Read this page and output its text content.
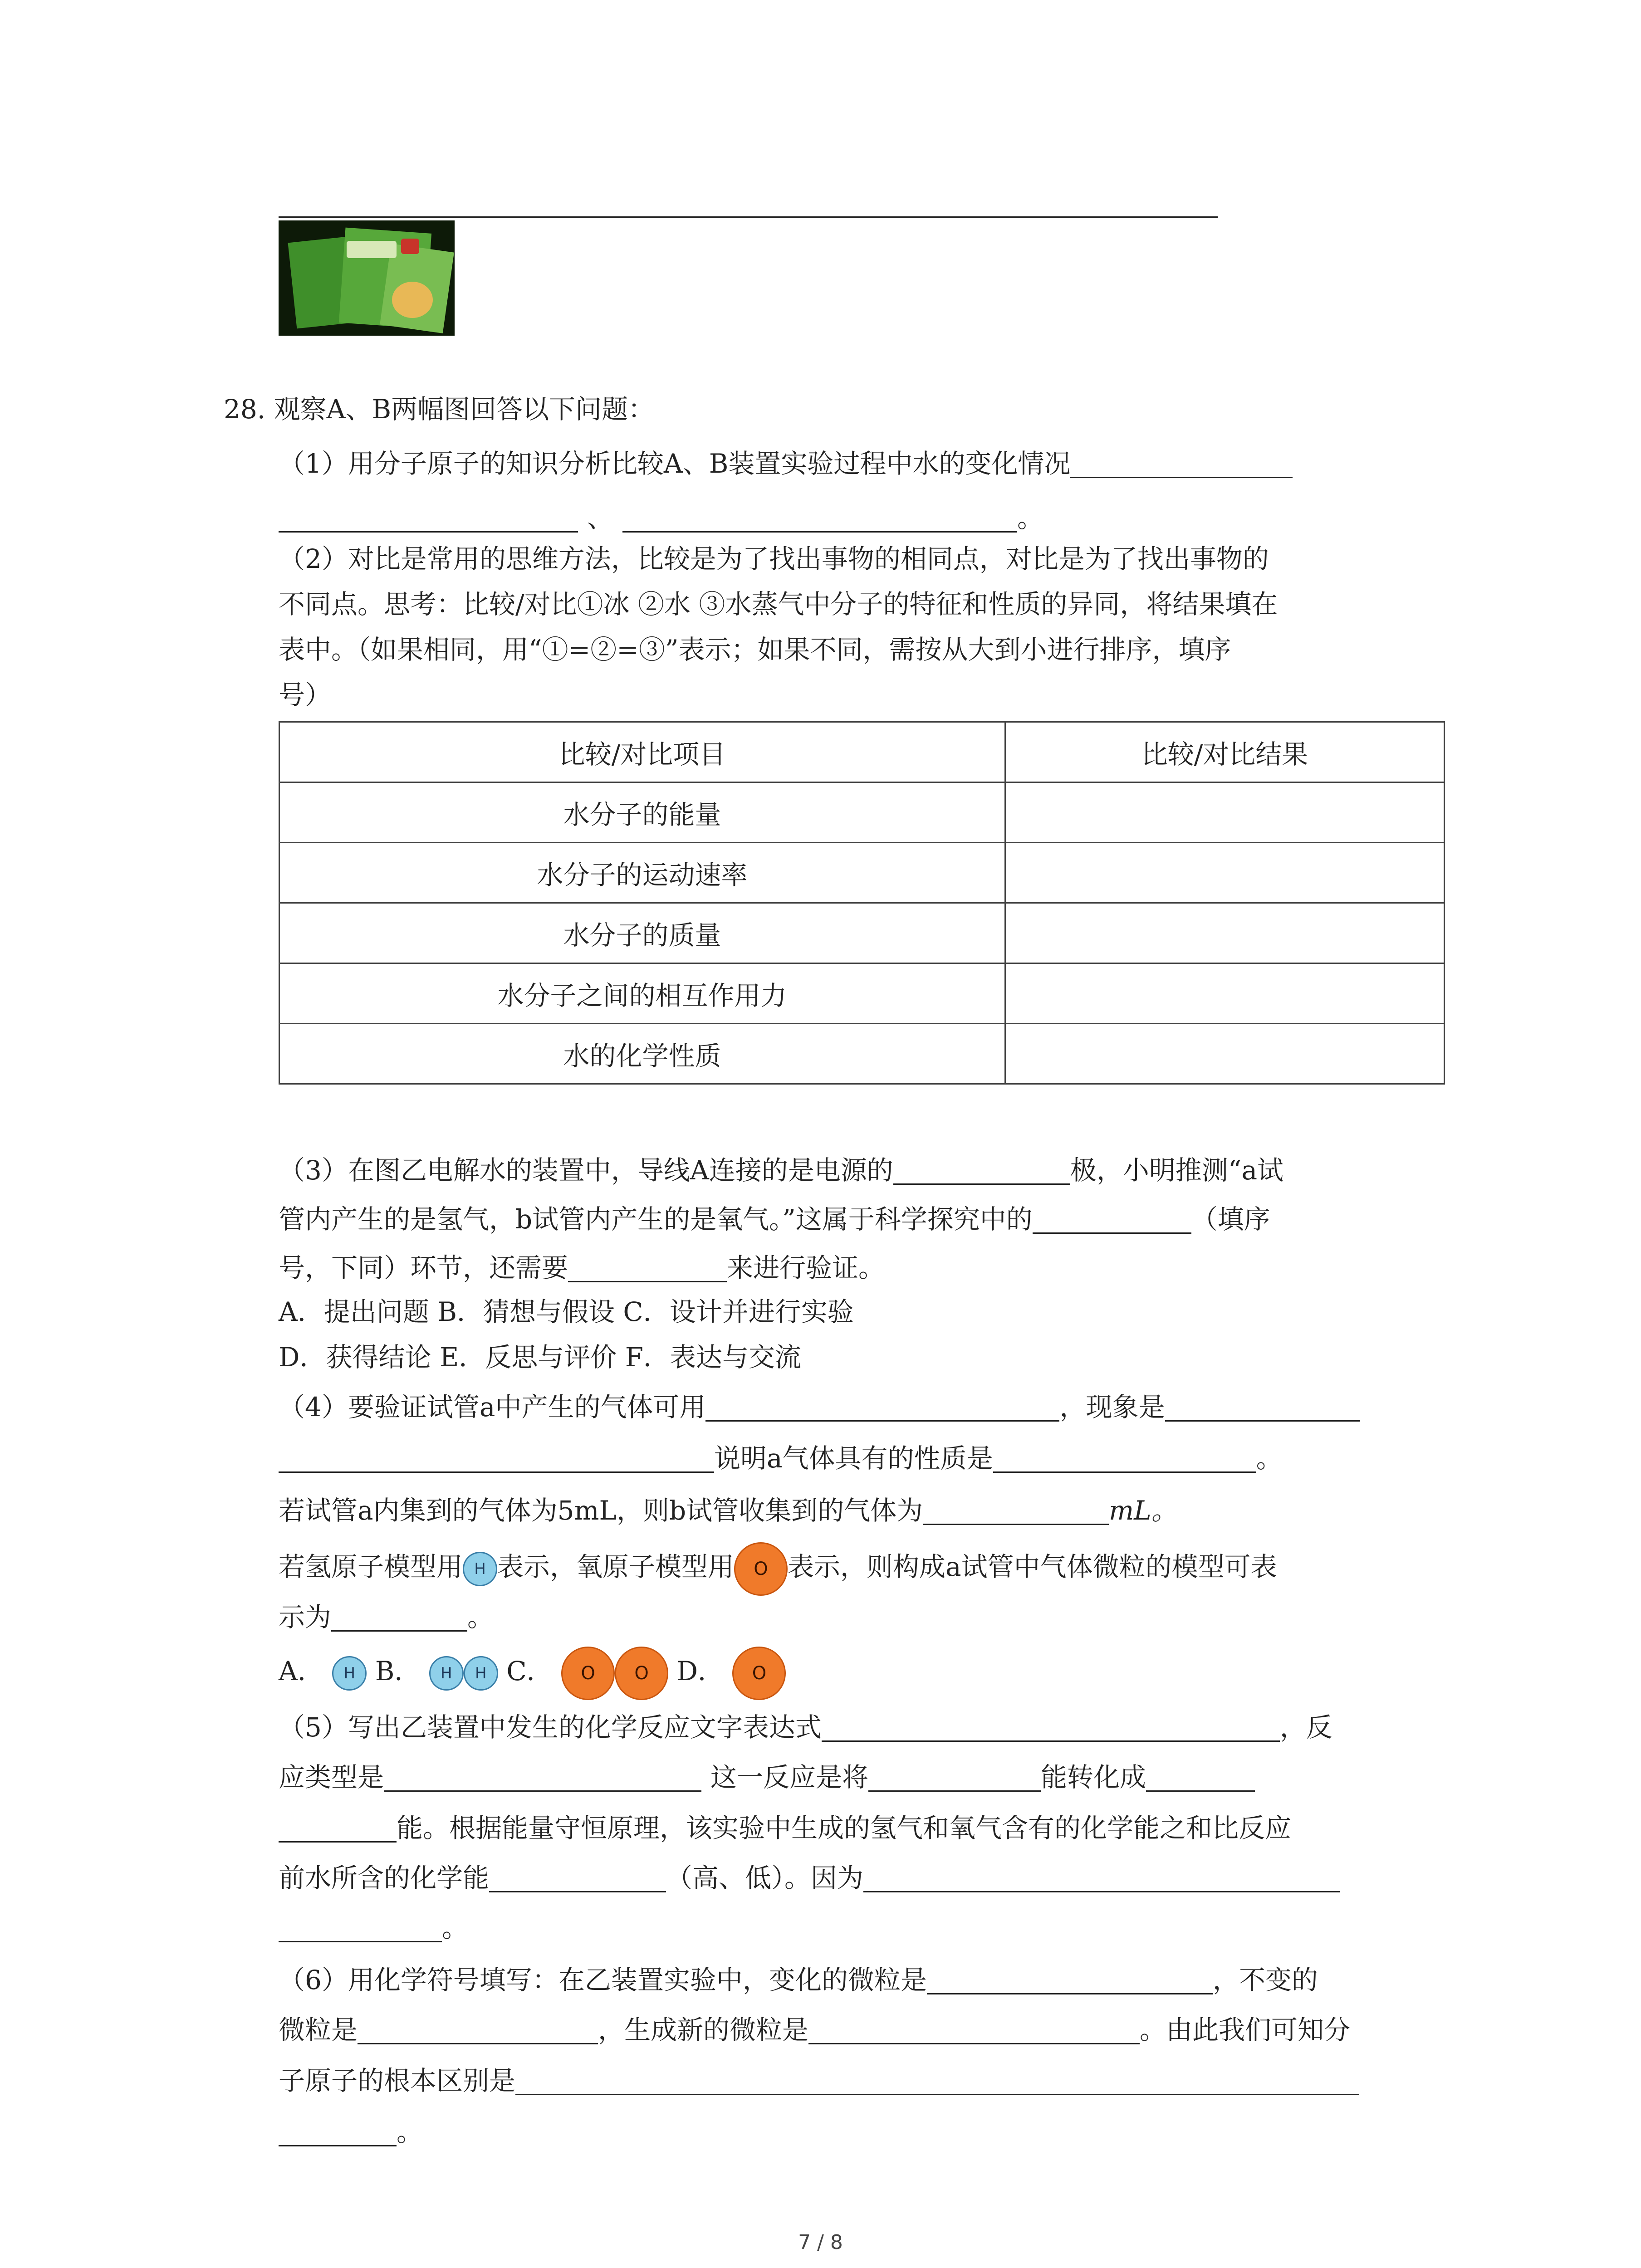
28. 观察A、B两幅图回答以下问题：
（1）用分子原子的知识分析比较A、B装置实验过程中水的变化情况
、	。
（2）对比是常用的思维方法，比较是为了找出事物的相同点，对比是为了找出事物的
不同点。思考：比较/对比①冰 ②水 ③水蒸气中分子的特征和性质的异同，将结果填在
表中。（如果相同，用“①=②=③”表示；如果不同，需按从大到小进行排序，填序
号）
比较/对比项目	比较/对比结果
水分子的能量	
水分子的运动速率	
水分子的质量	
水分子之间的相互作用力	
水的化学性质	
（3）在图乙电解水的装置中，导线A连接的是电源的	极，小明推测“a试
管内产生的是氢气，b试管内产生的是氧气。”这属于科学探究中的	（填序
号，下同）环节，还需要	来进行验证。
A．提出问题 B．猜想与假设 C．设计并进行实验
D．获得结论 E．反思与评价 F．表达与交流
（4）要验证试管a中产生的气体可用	，现象是
说明a气体具有的性质是	。
若试管a内集到的气体为5mL，则b试管收集到的气体为	mL。
若氢原子模型用 H 表示，氧原子模型用 O 表示，则构成a试管中气体微粒的模型可表
示为	。
A． H B． H H C． O O D． O
（5）写出乙装置中发生的化学反应文字表达式	，反
应类型是	这一反应是将	能转化成
能。根据能量守恒原理，该实验中生成的氢气和氧气含有的化学能之和比反应
前水所含的化学能	（高、低）。因为
。
（6）用化学符号填写：在乙装置实验中，变化的微粒是	，不变的
微粒是	，生成新的微粒是	。由此我们可知分
子原子的根本区别是
。
7 / 8
